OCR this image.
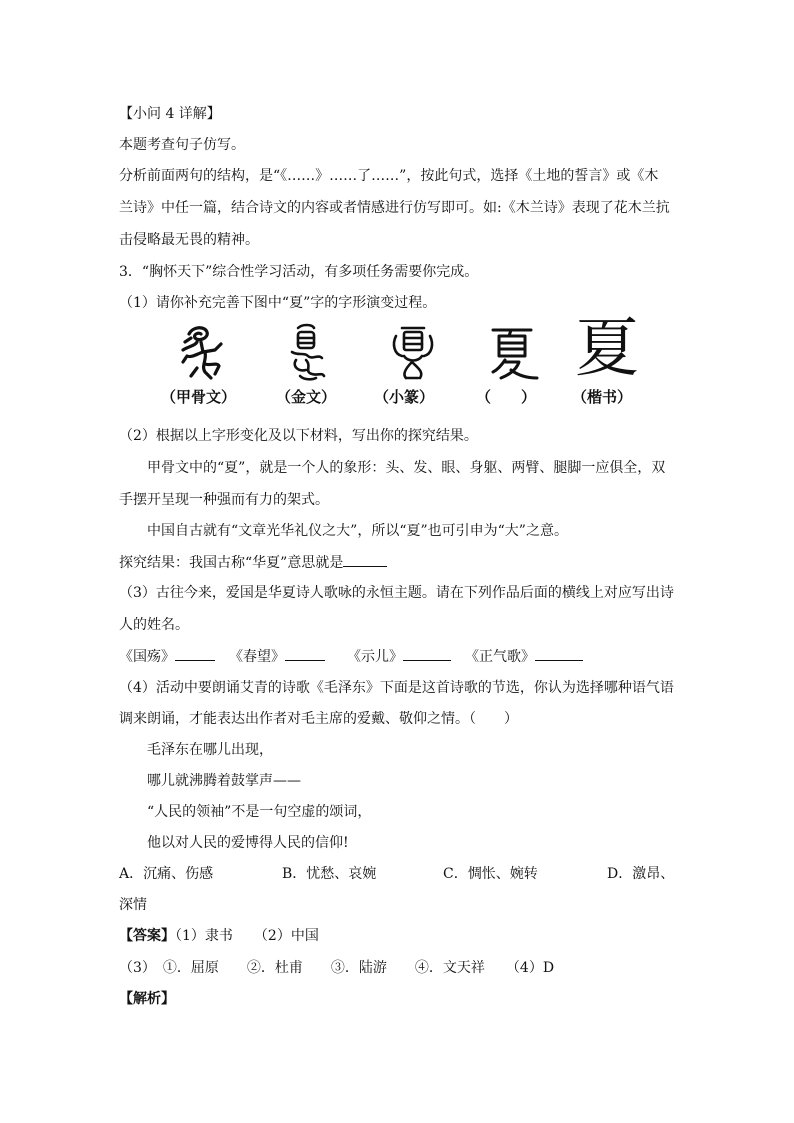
【小问 4 详解】
本题考查句子仿写。
分析前面两句的结构，是“《……》……了……”，按此句式，选择《土地的誓言》或《木
兰诗》中任一篇，结合诗文的内容或者情感进行仿写即可。如:《木兰诗》表现了花木兰抗
击侵略最无畏的精神。
3．“胸怀天下”综合性学习活动，有多项任务需要你完成。
（1）请你补充完善下图中“夏”字的字形演变过程。
夏
（甲骨文）	（金文）	（小篆）	（　　） （楷书）
（2）根据以上字形变化及以下材料，写出你的探究结果。
甲骨文中的“夏”，就是一个人的象形：头、发、眼、身躯、两臂、腿脚一应俱全，双
手摆开呈现一种强而有力的架式。
中国自古就有“文章光华礼仪之大”，所以“夏”也可引申为“大”之意。
探究结果：我国古称“华夏”意思就是
（3）古往今来，爱国是华夏诗人歌咏的永恒主题。请在下列作品后面的横线上对应写出诗
人的姓名。
《国殇》	《春望》	《示儿》	《正气歌》
（4）活动中要朗诵艾青的诗歌《毛泽东》下面是这首诗歌的节选，你认为选择哪种语气语
调来朗诵，才能表达出作者对毛主席的爱戴、敬仰之情。（　　）
毛泽东在哪儿出现，
哪儿就沸腾着鼓掌声——
“人民的领袖”不是一句空虚的颂词，
他以对人民的爱博得人民的信仰!
A．沉痛、伤感	B．忧愁、哀婉	C．惆怅、婉转	D．激昂、
深情
【答案】（1）隶书　　（2）中国
（3）　①．屈原　　②．杜甫　　③．陆游　　④．文天祥　　（4）D
【解析】
